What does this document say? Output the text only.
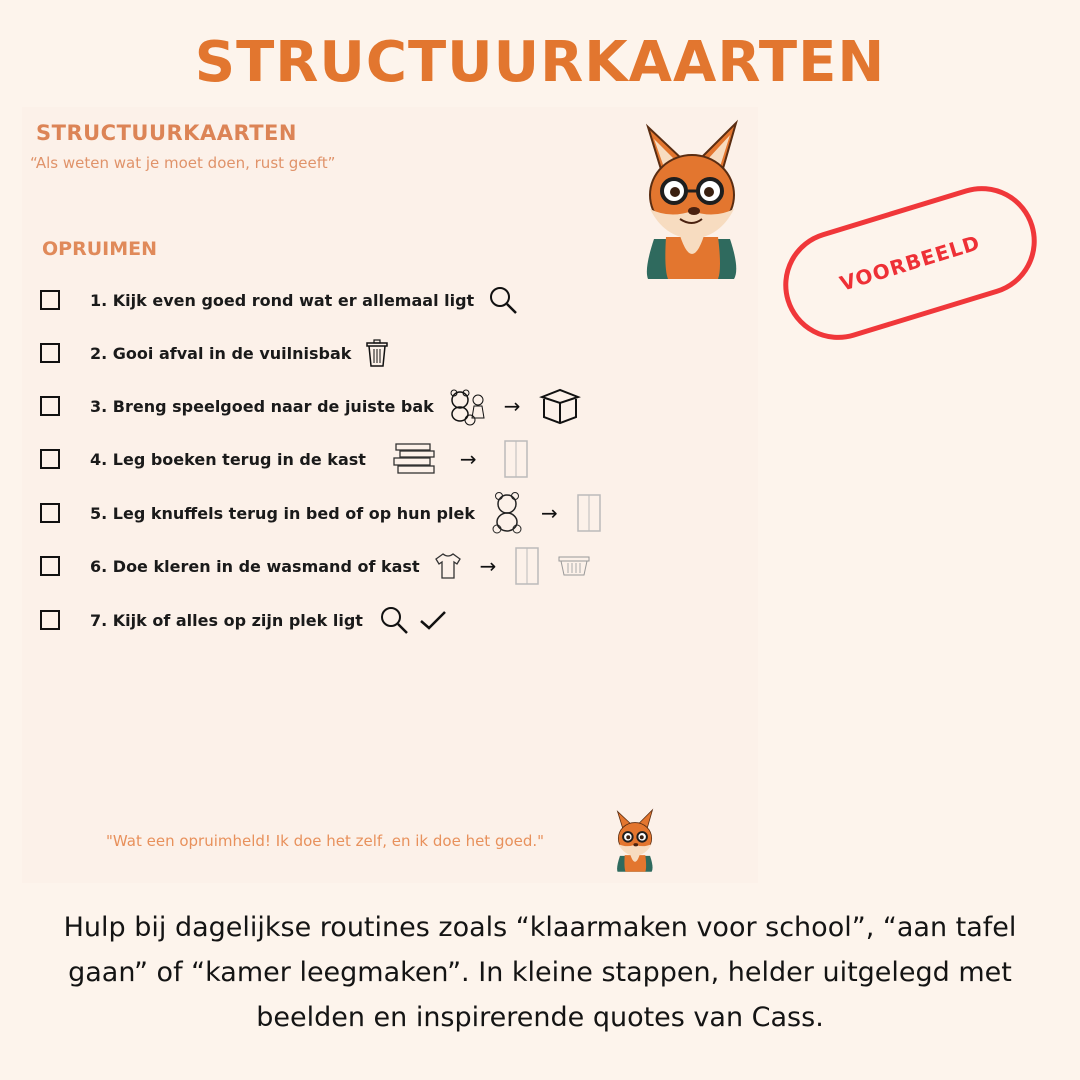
STRUCTUURKAARTEN
STRUCTUURKAARTEN
“Als weten wat je moet doen, rust geeft”
OPRUIMEN
1. Kijk even goed rond wat er allemaal ligt
2. Gooi afval in de vuilnisbak
3. Breng speelgoed naar de juiste bak	→
4. Leg boeken terug in de kast	→
5. Leg knuffels terug in bed of op hun plek	→
6. Doe kleren in de wasmand of kast	→
7. Kijk of alles op zijn plek ligt
"Wat een opruimheld! Ik doe het zelf, en ik doe het goed."
VOORBEELD
Hulp bij dagelijkse routines zoals “klaarmaken voor school”, “aan tafel gaan” of “kamer leegmaken”. In kleine stappen, helder uitgelegd met beelden en inspirerende quotes van Cass.
